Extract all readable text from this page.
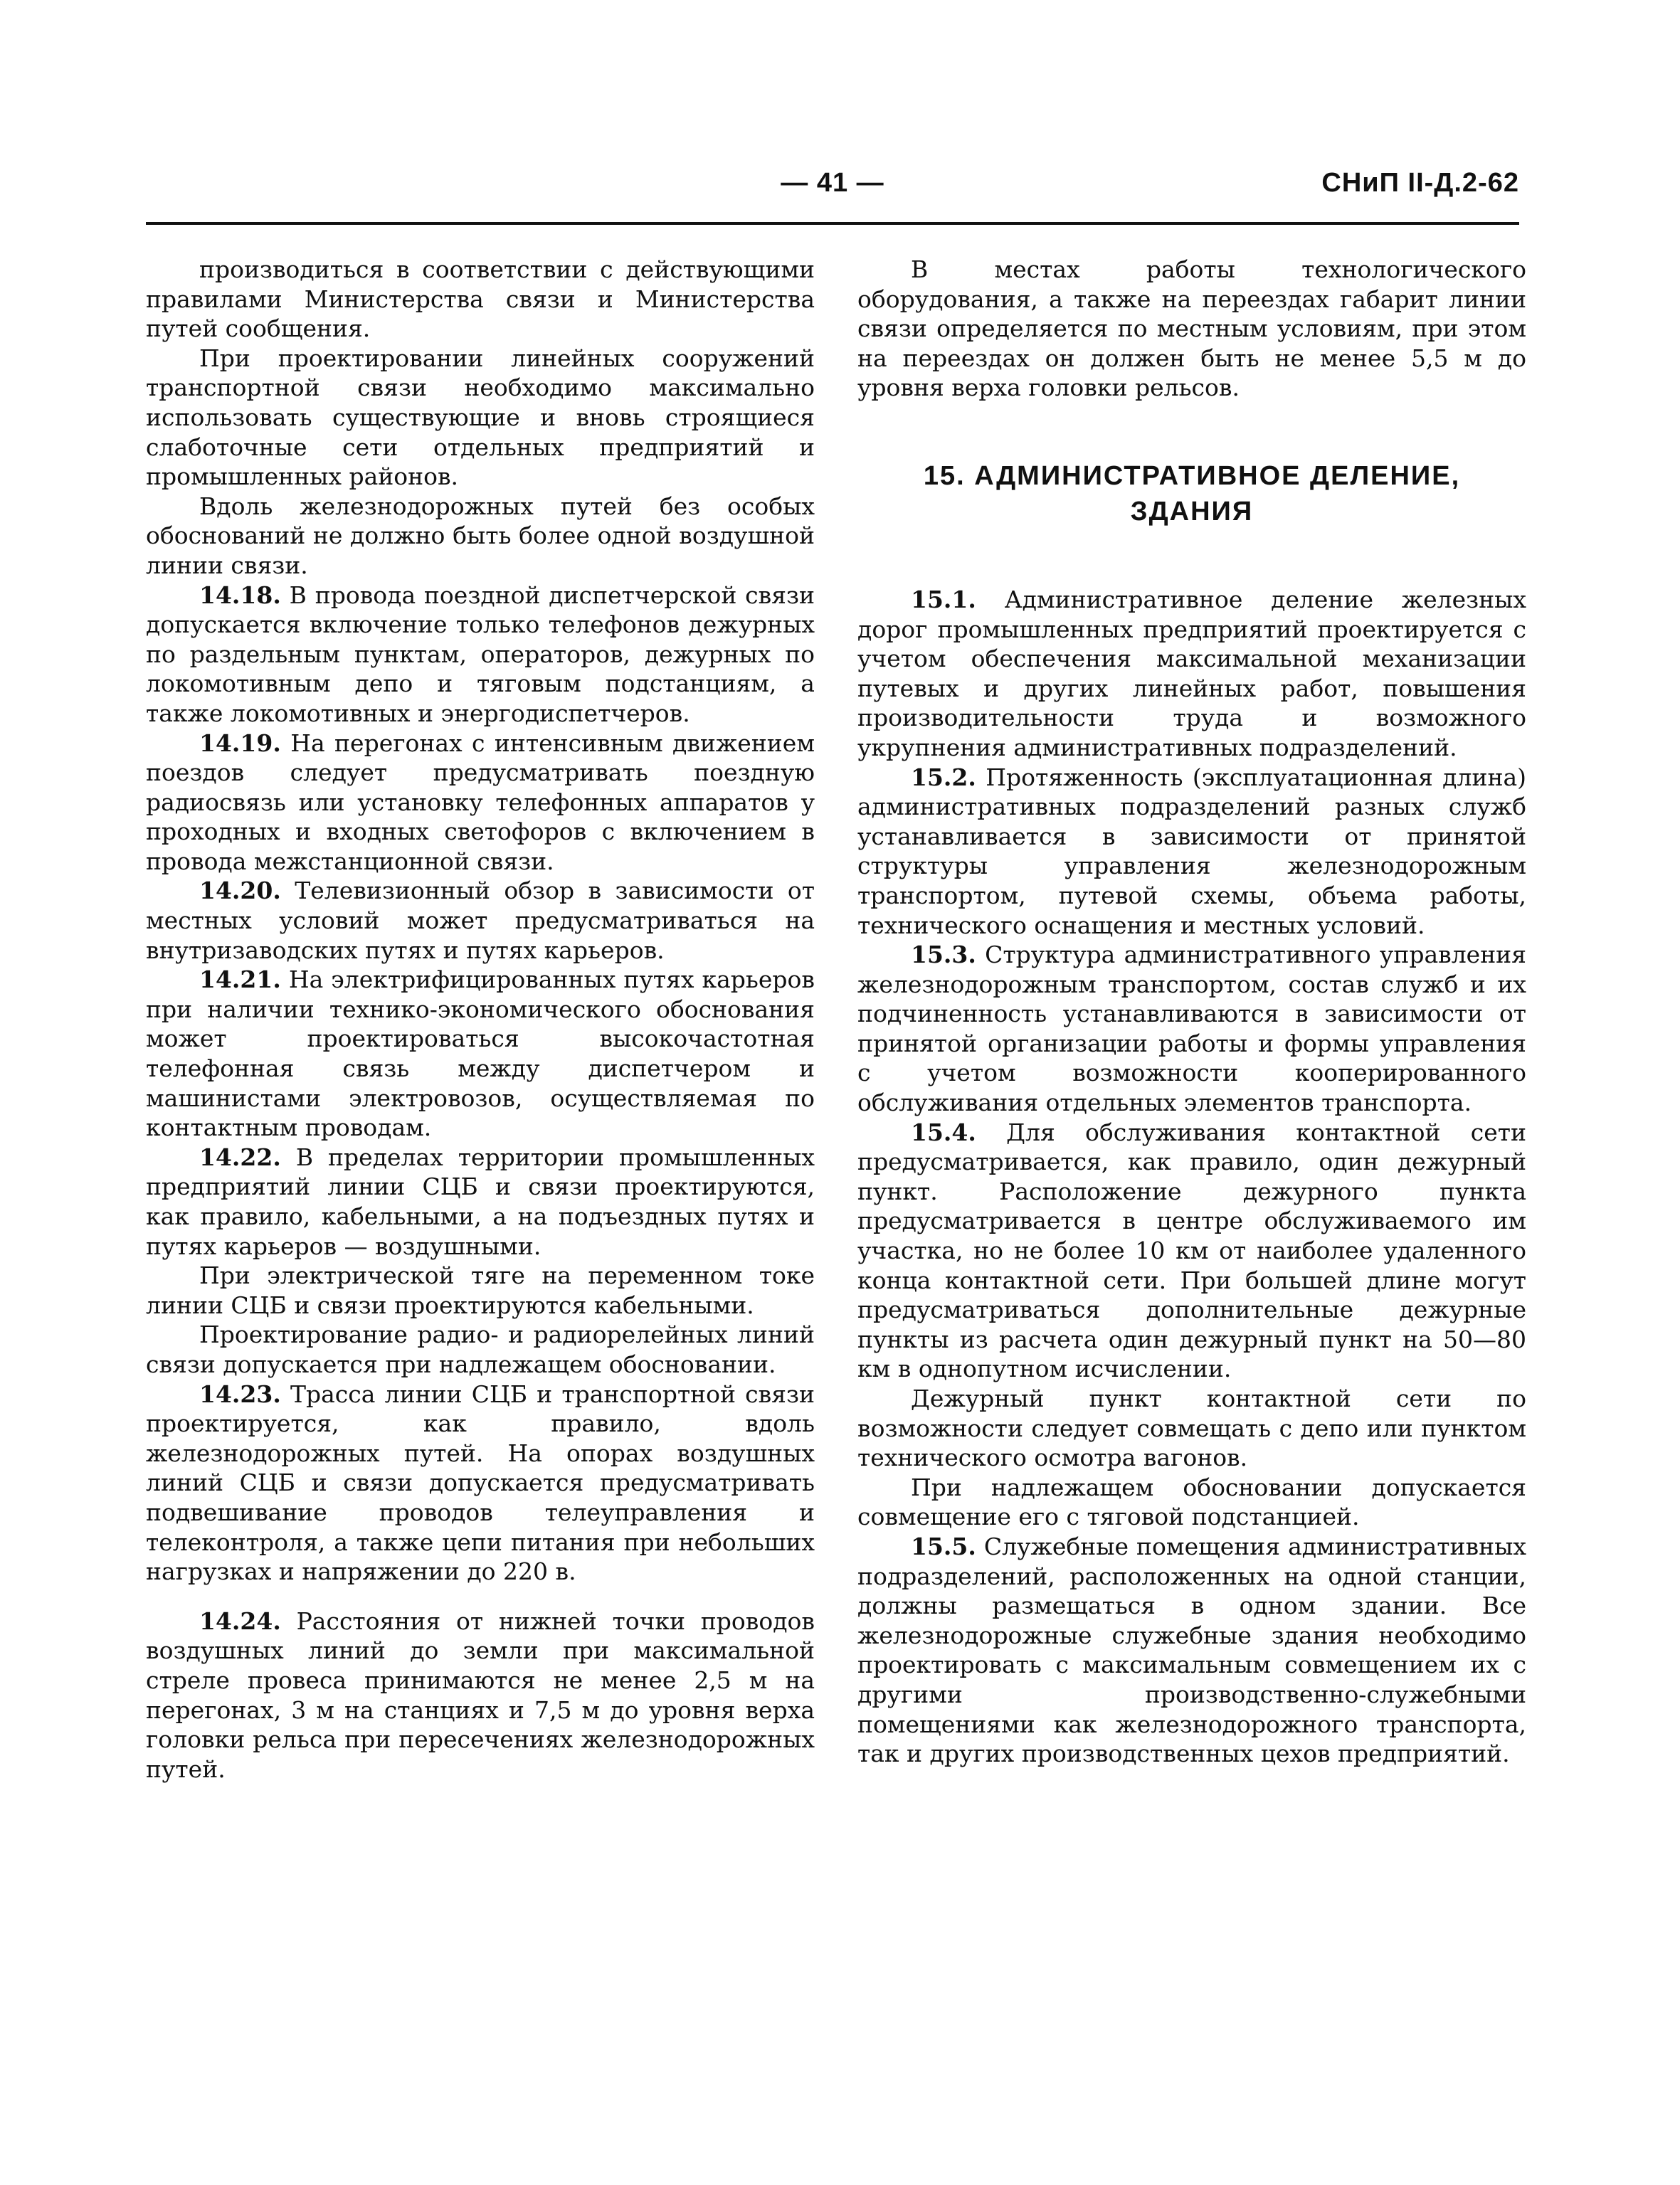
— 41 —	СНиП II-Д.2-62

производиться в соответствии с действующими правилами Министерства связи и Министерства путей сообщения.

При проектировании линейных сооружений транспортной связи необходимо максимально использовать существующие и вновь строящиеся слаботочные сети отдельных предприятий и промышленных районов.

Вдоль железнодорожных путей без особых обоснований не должно быть более одной воздушной линии связи.

14.18. В провода поездной диспетчерской связи допускается включение только телефонов дежурных по раздельным пунктам, операторов, дежурных по локомотивным депо и тяговым подстанциям, а также локомотивных и энергодиспетчеров.

14.19. На перегонах с интенсивным движением поездов следует предусматривать поездную радиосвязь или установку телефонных аппаратов у проходных и входных светофоров с включением в провода межстанционной связи.

14.20. Телевизионный обзор в зависимости от местных условий может предусматриваться на внутризаводских путях и путях карьеров.

14.21. На электрифицированных путях карьеров при наличии технико-экономического обоснования может проектироваться высокочастотная телефонная связь между диспетчером и машинистами электровозов, осуществляемая по контактным проводам.

14.22. В пределах территории промышленных предприятий линии СЦБ и связи проектируются, как правило, кабельными, а на подъездных путях и путях карьеров — воздушными.

При электрической тяге на переменном токе линии СЦБ и связи проектируются кабельными.

Проектирование радио- и радиорелейных линий связи допускается при надлежащем обосновании.

14.23. Трасса линии СЦБ и транспортной связи проектируется, как правило, вдоль железнодорожных путей. На опорах воздушных линий СЦБ и связи допускается предусматривать подвешивание проводов телеуправления и телеконтроля, а также цепи питания при небольших нагрузках и напряжении до 220 в.

14.24. Расстояния от нижней точки проводов воздушных линий до земли при максимальной стреле провеса принимаются не менее 2,5 м на перегонах, 3 м на станциях и 7,5 м до уровня верха головки рельса при пересечениях железнодорожных путей.

В местах работы технологического оборудования, а также на переездах габарит линии связи определяется по местным условиям, при этом на переездах он должен быть не менее 5,5 м до уровня верха головки рельсов.

15. АДМИНИСТРАТИВНОЕ ДЕЛЕНИЕ,
ЗДАНИЯ

15.1. Административное деление железных дорог промышленных предприятий проектируется с учетом обеспечения максимальной механизации путевых и других линейных работ, повышения производительности труда и возможного укрупнения административных подразделений.

15.2. Протяженность (эксплуатационная длина) административных подразделений разных служб устанавливается в зависимости от принятой структуры управления железнодорожным транспортом, путевой схемы, объема работы, технического оснащения и местных условий.

15.3. Структура административного управления железнодорожным транспортом, состав служб и их подчиненность устанавливаются в зависимости от принятой организации работы и формы управления с учетом возможности кооперированного обслуживания отдельных элементов транспорта.

15.4. Для обслуживания контактной сети предусматривается, как правило, один дежурный пункт. Расположение дежурного пункта предусматривается в центре обслуживаемого им участка, но не более 10 км от наиболее удаленного конца контактной сети. При большей длине могут предусматриваться дополнительные дежурные пункты из расчета один дежурный пункт на 50—80 км в однопутном исчислении.

Дежурный пункт контактной сети по возможности следует совмещать с депо или пунктом технического осмотра вагонов.

При надлежащем обосновании допускается совмещение его с тяговой подстанцией.

15.5. Служебные помещения административных подразделений, расположенных на одной станции, должны размещаться в одном здании. Все железнодорожные служебные здания необходимо проектировать с максимальным совмещением их с другими производственно-служебными помещениями как железнодорожного транспорта, так и других производственных цехов предприятий.
